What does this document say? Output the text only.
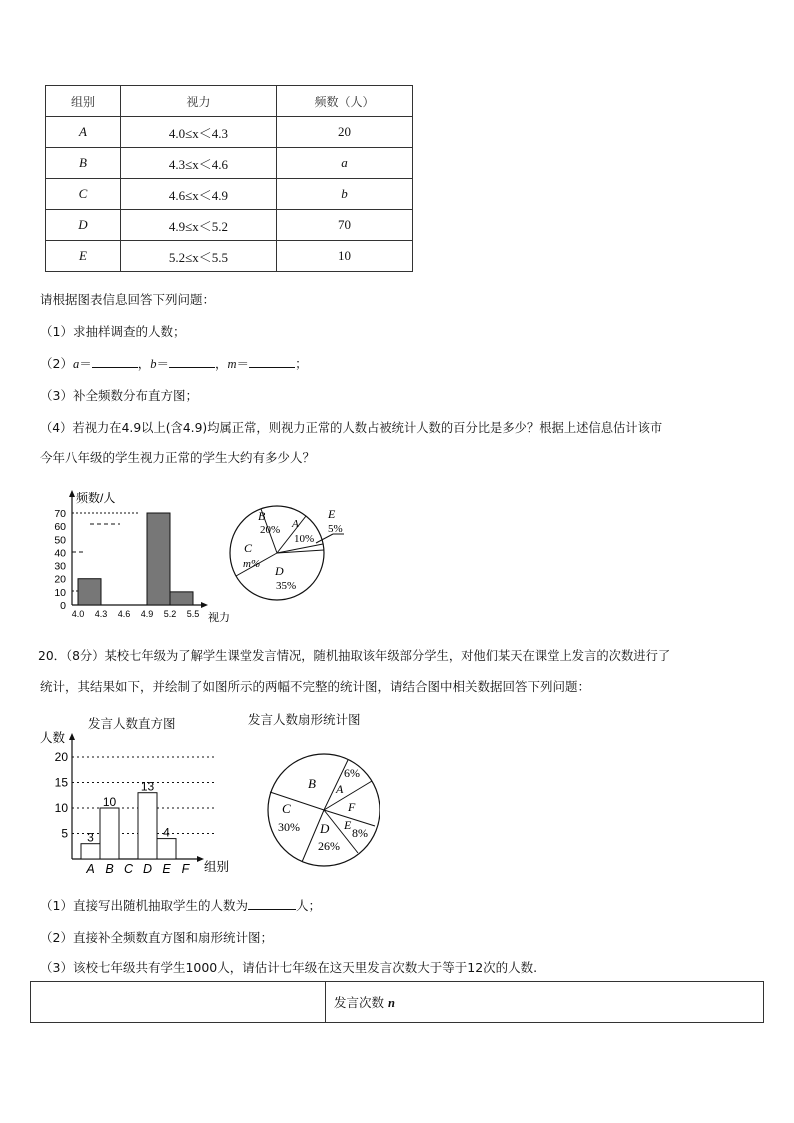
组别	视力	频数（人）
A	4.0≤x＜4.3	20
B	4.3≤x＜4.6	a
C	4.6≤x＜4.9	b
D	4.9≤x＜5.2	70
E	5.2≤x＜5.5	10
请根据图表信息回答下列问题：
（1）求抽样调查的人数；
（2）a＝	，b＝	，m＝	；
（3）补全频数分布直方图；
（4）若视力在4.9以上(含4.9)均属正常，则视力正常的人数占被统计人数的百分比是多少？根据上述信息估计该市
今年八年级的学生视力正常的学生大约有多少人？
频数/人
视力
70
60
50
40
30
20
10
0
4.0 4.3 4.6 4.9 5.2 5.5
B
20% A
10%
E
5%
C
m% D
35%
20．（8分）某校七年级为了解学生课堂发言情况，随机抽取该年级部分学生，对他们某天在课堂上发言的次数进行了
统计，其结果如下，并绘制了如图所示的两幅不完整的统计图，请结合图中相关数据回答下列问题：
发言人数直方图
人数
组别
20
15
10
5
A B C D E F
3
10
13
4
发言人数扇形统计图
B
6%
A
F
C
30% D
26%
E
8%
（1）直接写出随机抽取学生的人数为	人；
（2）直接补全频数直方图和扇形统计图；
（3）该校七年级共有学生1000人，请估计七年级在这天里发言次数大于等于12次的人数.
	发言次数 n
